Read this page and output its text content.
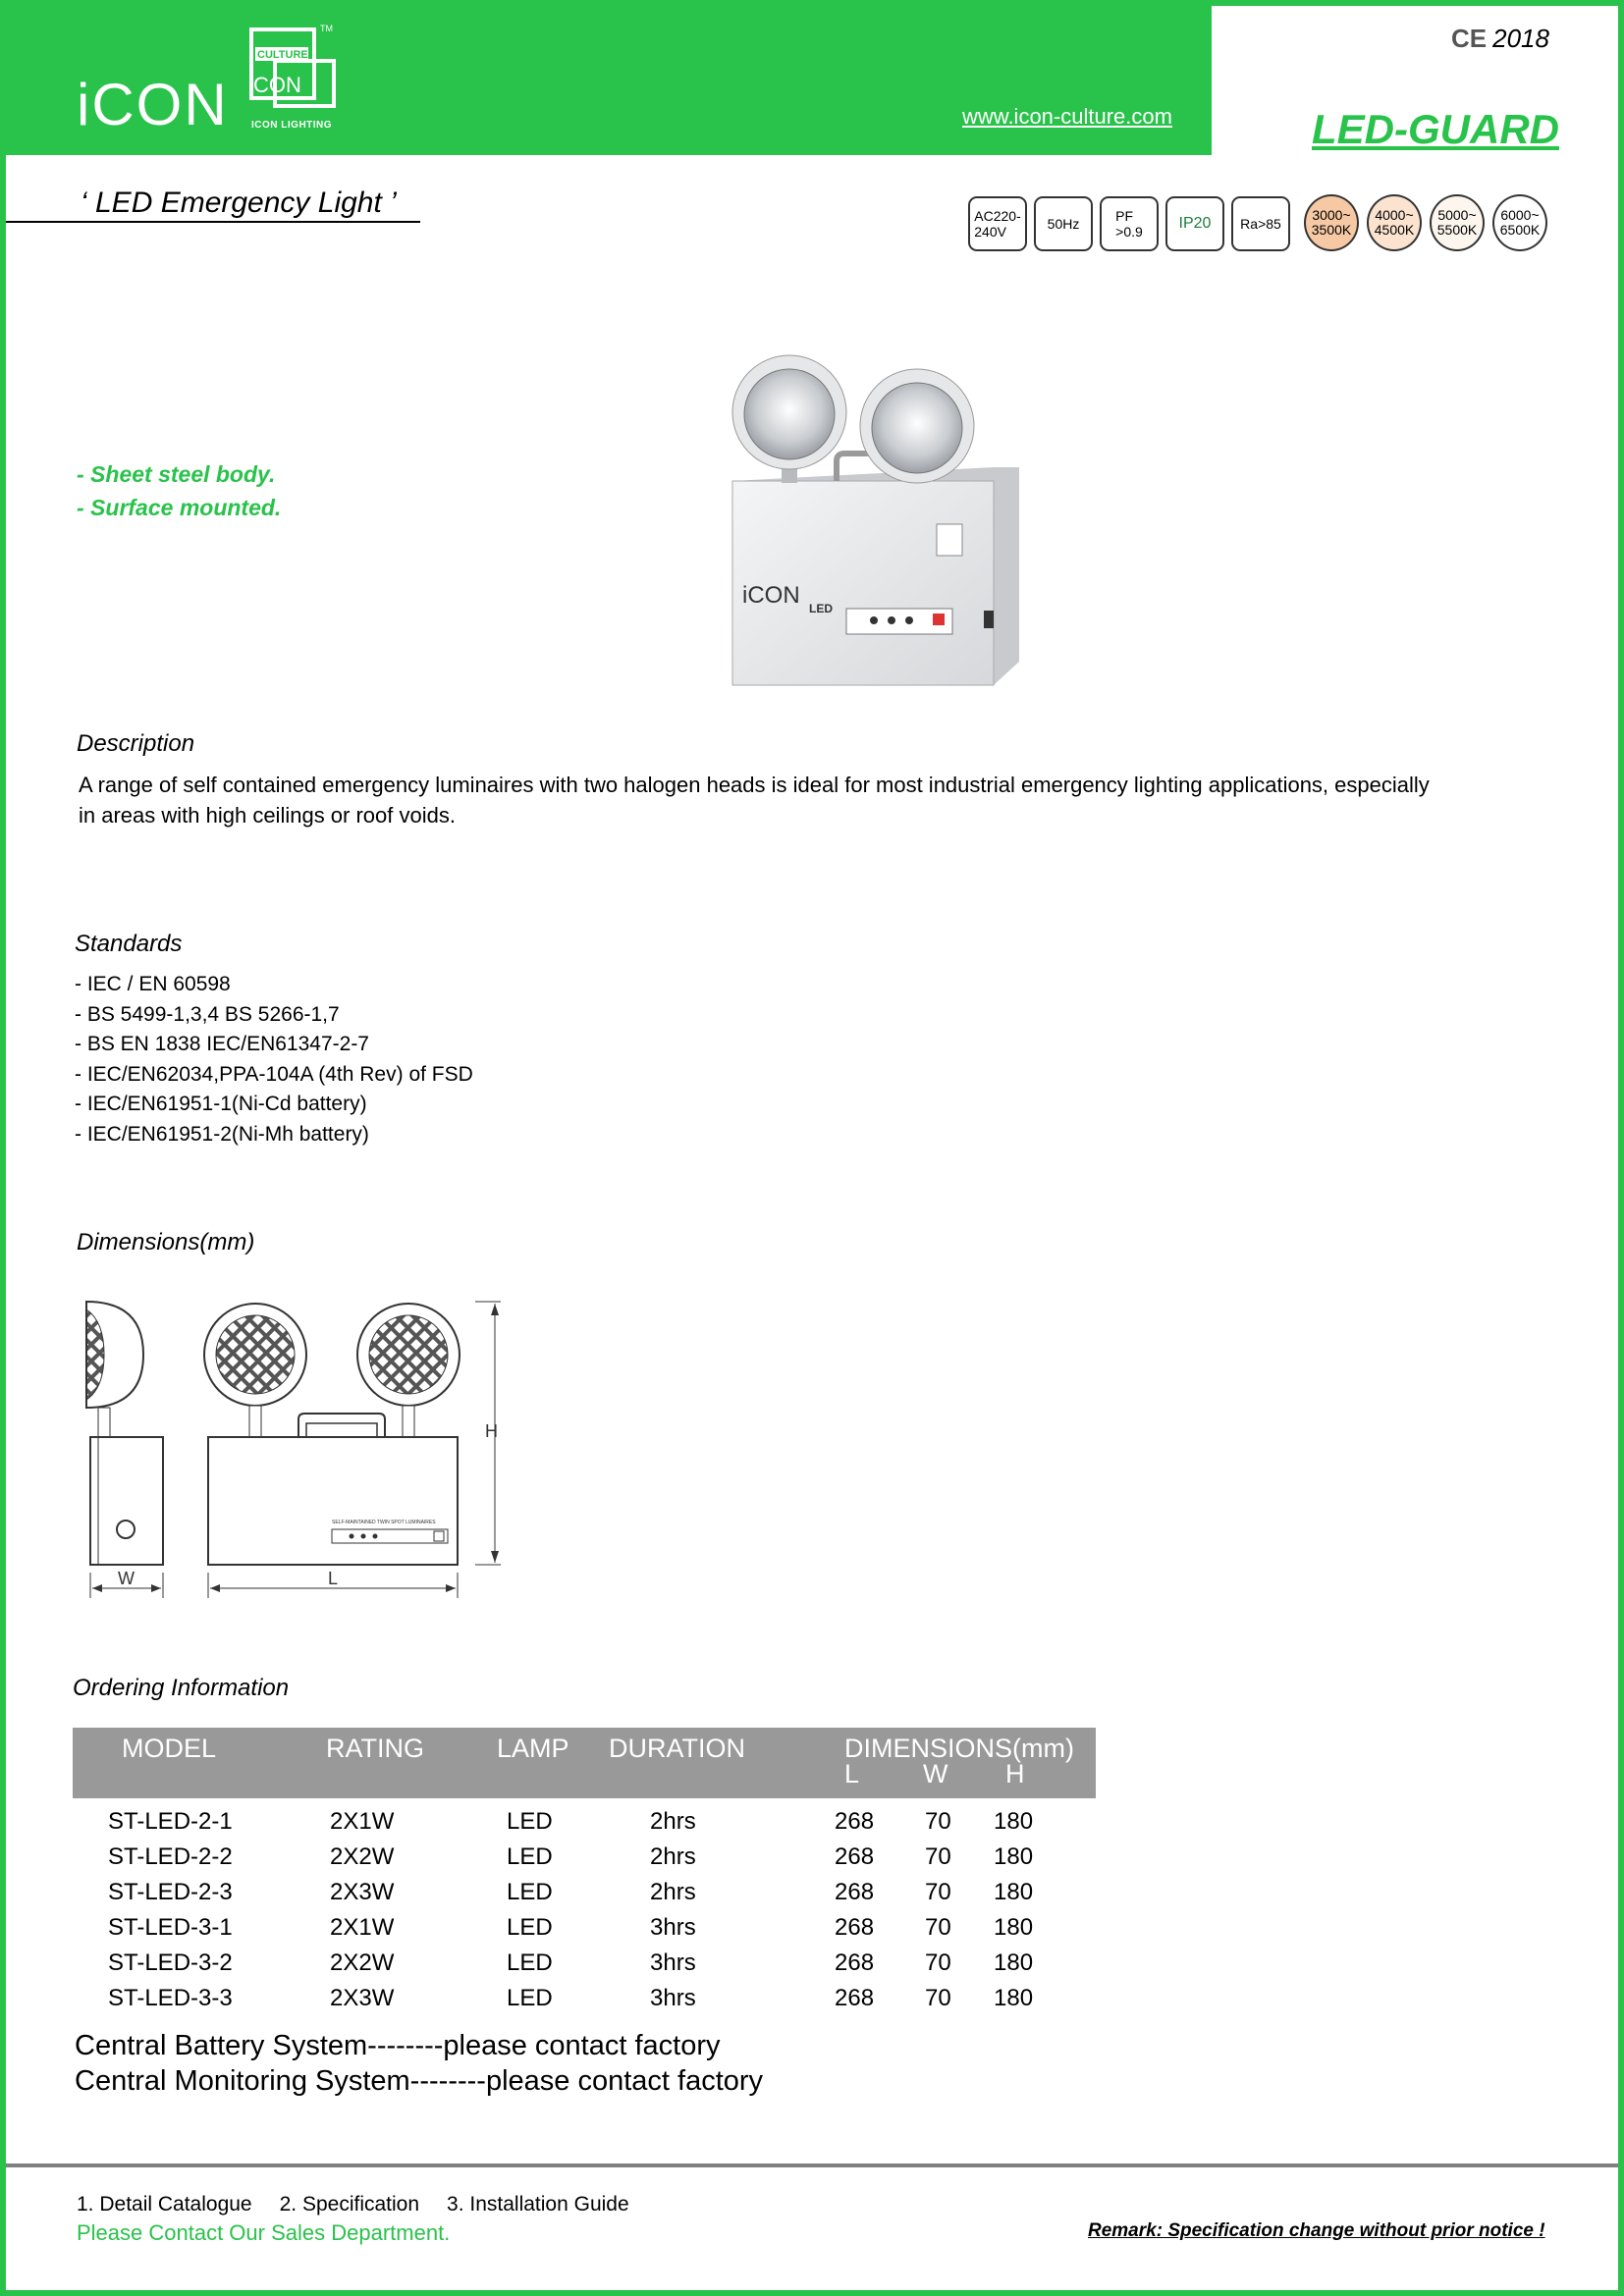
iCON
CULTURE
CON
TM
ICON LIGHTING	www.icon-culture.com
CE 2018
LED-GUARD
‘ LED Emergency Light ’	AC220-
240V	50Hz	PF
>0.9	IP20	Ra>85
3000~
3500K
4000~
4500K
5000~
5500K
6000~
6500K
- Sheet steel body.
- Surface mounted.
iCON LED
Description
A range of self contained emergency luminaires with two halogen heads is ideal for most industrial emergency lighting applications, especially in areas with high ceilings or roof voids.
Standards
- IEC / EN 60598
- BS 5499-1,3,4 BS 5266-1,7
- BS EN 1838 IEC/EN61347-2-7
- IEC/EN62034,PPA-104A (4th Rev) of FSD
- IEC/EN61951-1(Ni-Cd battery)
- IEC/EN61951-2(Ni-Mh battery)
Dimensions(mm)
SELF-MAINTAINED TWIN SPOT LUMINAIRES
H
W	L
Ordering Information
MODEL	RATING	LAMP DURATION	DIMENSIONS(mm)
L W H
ST-LED-2-1	2X1W	LED	2hrs	268 70 180
ST-LED-2-2	2X2W	LED	2hrs	268 70 180
ST-LED-2-3	2X3W	LED	2hrs	268 70 180
ST-LED-3-1	2X1W	LED	3hrs	268 70 180
ST-LED-3-2	2X2W	LED	3hrs	268 70 180
ST-LED-3-3	2X3W	LED	3hrs	268 70 180
Central Battery System--------please contact factory
Central Monitoring System--------please contact factory
1. Detail Catalogue 2. Specification 3. Installation Guide
Please Contact Our Sales Department.	Remark: Specification change without prior notice !
